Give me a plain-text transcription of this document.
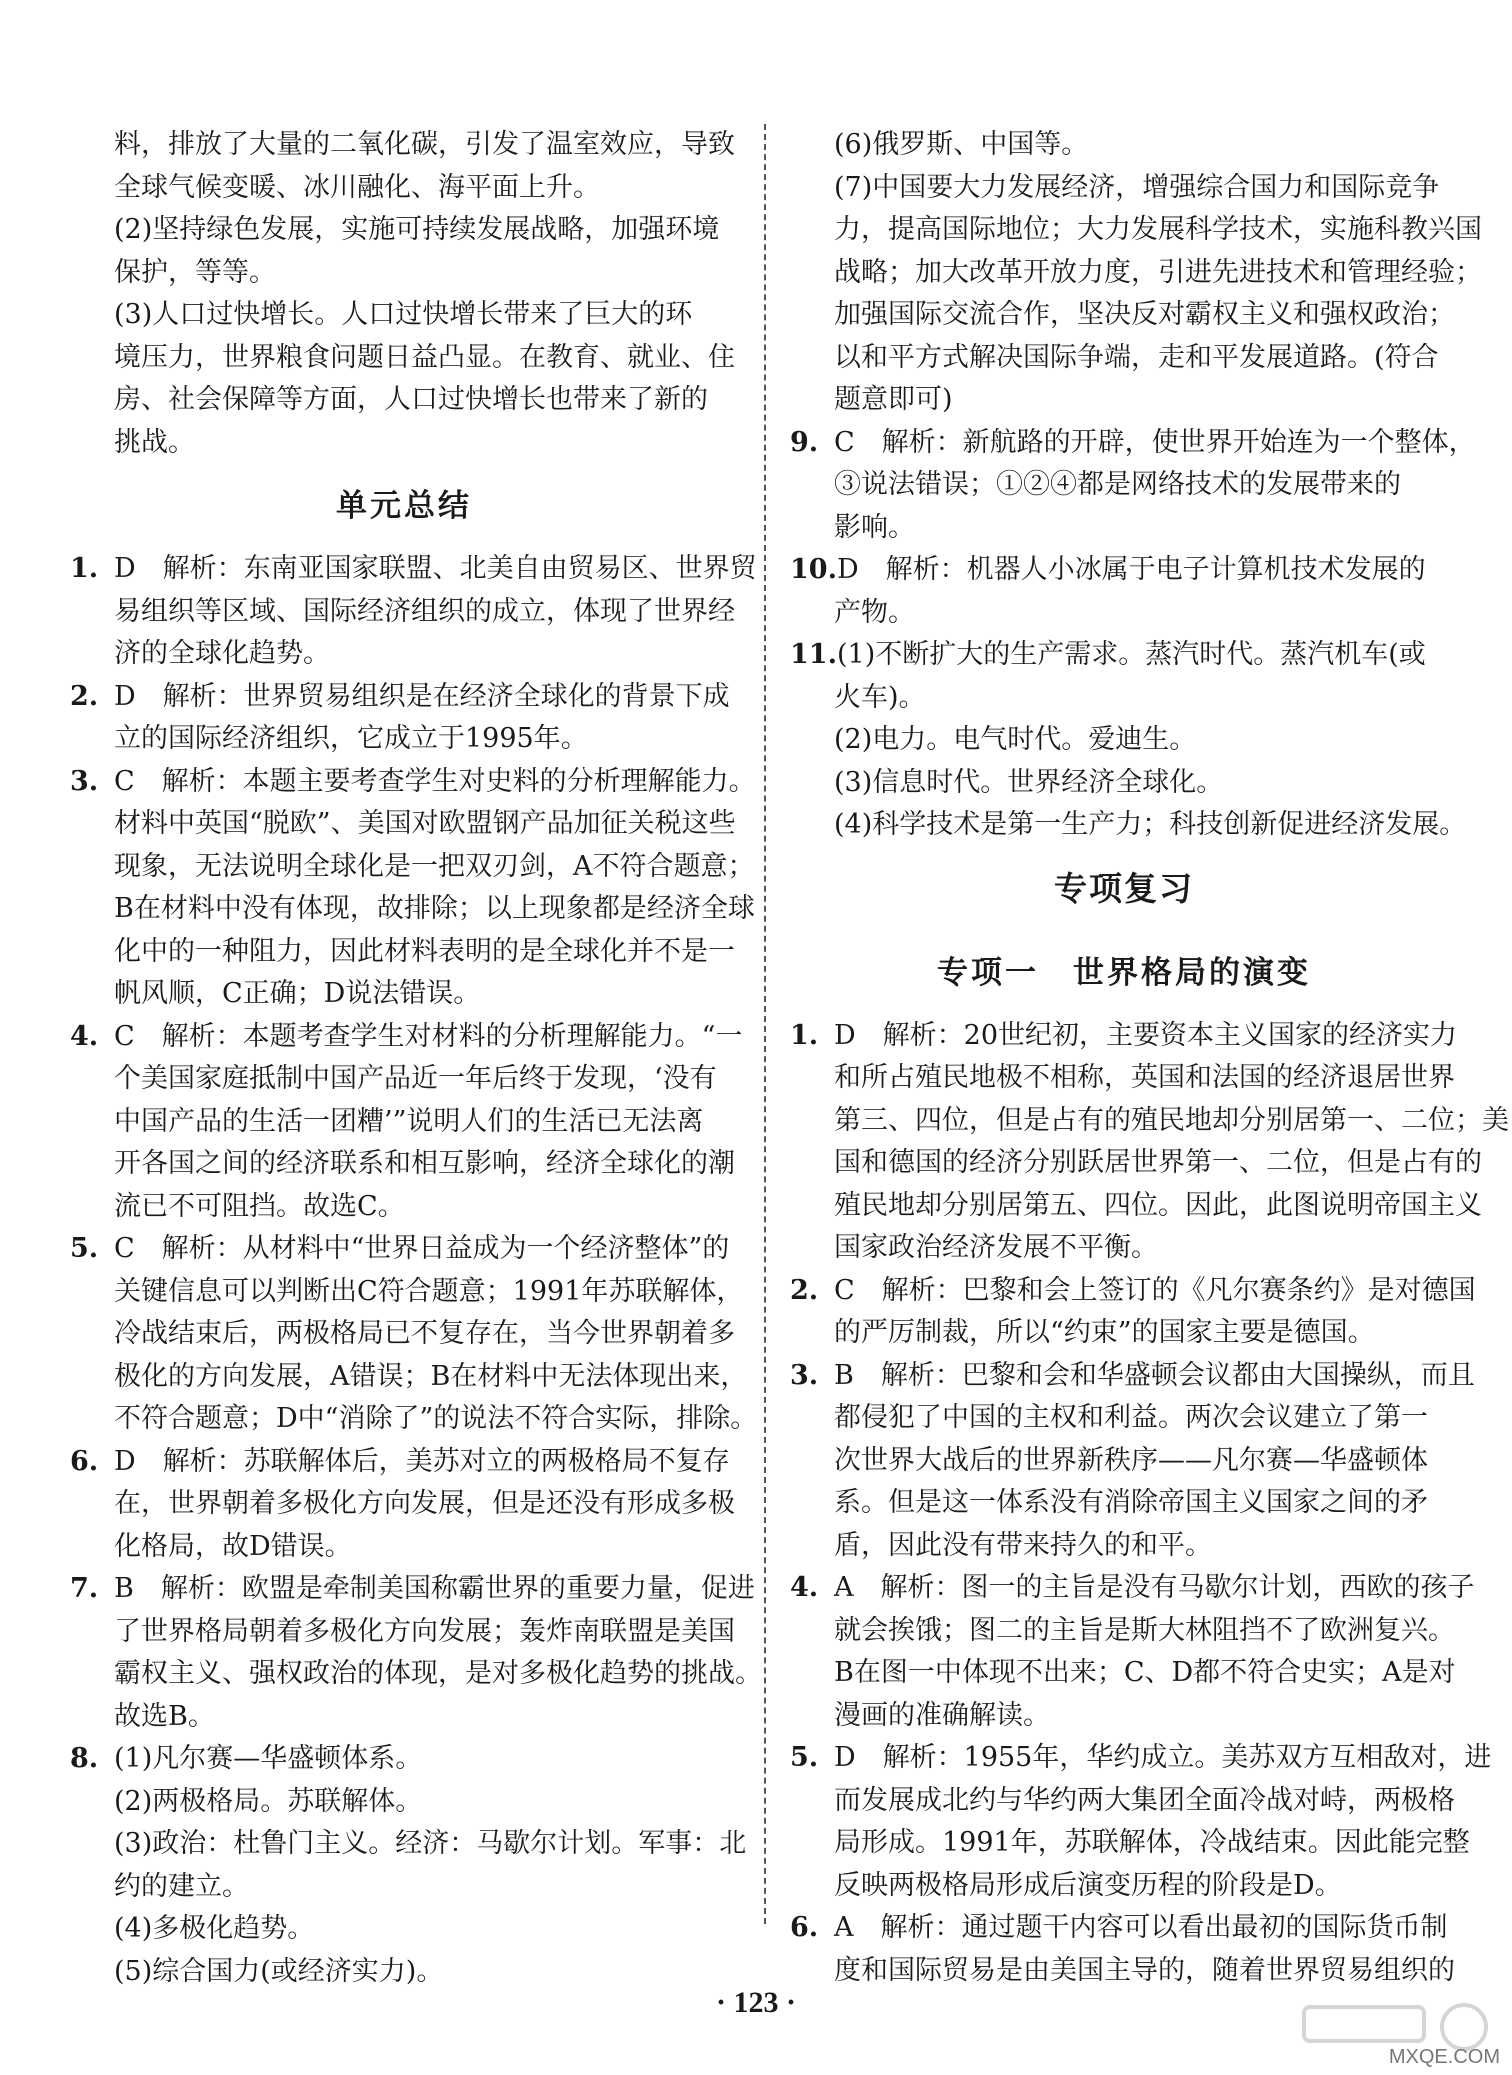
料，排放了大量的二氧化碳，引发了温室效应，导致
全球气候变暖、冰川融化、海平面上升。
(2)坚持绿色发展，实施可持续发展战略，加强环境
保护，等等。
(3)人口过快增长。人口过快增长带来了巨大的环
境压力，世界粮食问题日益凸显。在教育、就业、住
房、社会保障等方面，人口过快增长也带来了新的
挑战。
单元总结
1. D　解析：东南亚国家联盟、北美自由贸易区、世界贸
易组织等区域、国际经济组织的成立，体现了世界经
济的全球化趋势。
2. D　解析：世界贸易组织是在经济全球化的背景下成
立的国际经济组织，它成立于1995年。
3. C　解析：本题主要考查学生对史料的分析理解能力。
材料中英国“脱欧”、美国对欧盟钢产品加征关税这些
现象，无法说明全球化是一把双刃剑，A不符合题意；
B在材料中没有体现，故排除；以上现象都是经济全球
化中的一种阻力，因此材料表明的是全球化并不是一
帆风顺，C正确；D说法错误。
4. C　解析：本题考查学生对材料的分析理解能力。“一
个美国家庭抵制中国产品近一年后终于发现，‘没有
中国产品的生活一团糟’”说明人们的生活已无法离
开各国之间的经济联系和相互影响，经济全球化的潮
流已不可阻挡。故选C。
5. C　解析：从材料中“世界日益成为一个经济整体”的
关键信息可以判断出C符合题意；1991年苏联解体，
冷战结束后，两极格局已不复存在，当今世界朝着多
极化的方向发展，A错误；B在材料中无法体现出来，
不符合题意；D中“消除了”的说法不符合实际，排除。
6. D　解析：苏联解体后，美苏对立的两极格局不复存
在，世界朝着多极化方向发展，但是还没有形成多极
化格局，故D错误。
7. B　解析：欧盟是牵制美国称霸世界的重要力量，促进
了世界格局朝着多极化方向发展；轰炸南联盟是美国
霸权主义、强权政治的体现，是对多极化趋势的挑战。
故选B。
8. (1)凡尔赛—华盛顿体系。
(2)两极格局。苏联解体。
(3)政治：杜鲁门主义。经济：马歇尔计划。军事：北
约的建立。
(4)多极化趋势。
(5)综合国力(或经济实力)。
(6)俄罗斯、中国等。
(7)中国要大力发展经济，增强综合国力和国际竞争
力，提高国际地位；大力发展科学技术，实施科教兴国
战略；加大改革开放力度，引进先进技术和管理经验；
加强国际交流合作，坚决反对霸权主义和强权政治；
以和平方式解决国际争端，走和平发展道路。(符合
题意即可)
9. C　解析：新航路的开辟，使世界开始连为一个整体，
③说法错误；①②④都是网络技术的发展带来的
影响。
10.D　解析：机器人小冰属于电子计算机技术发展的
产物。
11.(1)不断扩大的生产需求。蒸汽时代。蒸汽机车(或
火车)。
(2)电力。电气时代。爱迪生。
(3)信息时代。世界经济全球化。
(4)科学技术是第一生产力；科技创新促进经济发展。
专项复习
专项一　世界格局的演变
1. D　解析：20世纪初，主要资本主义国家的经济实力
和所占殖民地极不相称，英国和法国的经济退居世界
第三、四位，但是占有的殖民地却分别居第一、二位；美
国和德国的经济分别跃居世界第一、二位，但是占有的
殖民地却分别居第五、四位。因此，此图说明帝国主义
国家政治经济发展不平衡。
2. C　解析：巴黎和会上签订的《凡尔赛条约》是对德国
的严厉制裁，所以“约束”的国家主要是德国。
3. B　解析：巴黎和会和华盛顿会议都由大国操纵，而且
都侵犯了中国的主权和利益。两次会议建立了第一
次世界大战后的世界新秩序——凡尔赛—华盛顿体
系。但是这一体系没有消除帝国主义国家之间的矛
盾，因此没有带来持久的和平。
4. A　解析：图一的主旨是没有马歇尔计划，西欧的孩子
就会挨饿；图二的主旨是斯大林阻挡不了欧洲复兴。
B在图一中体现不出来；C、D都不符合史实；A是对
漫画的准确解读。
5. D　解析：1955年，华约成立。美苏双方互相敌对，进
而发展成北约与华约两大集团全面冷战对峙，两极格
局形成。1991年，苏联解体，冷战结束。因此能完整
反映两极格局形成后演变历程的阶段是D。
6. A　解析：通过题干内容可以看出最初的国际货币制
度和国际贸易是由美国主导的，随着世界贸易组织的
· 123 ·
MXQE.COM
